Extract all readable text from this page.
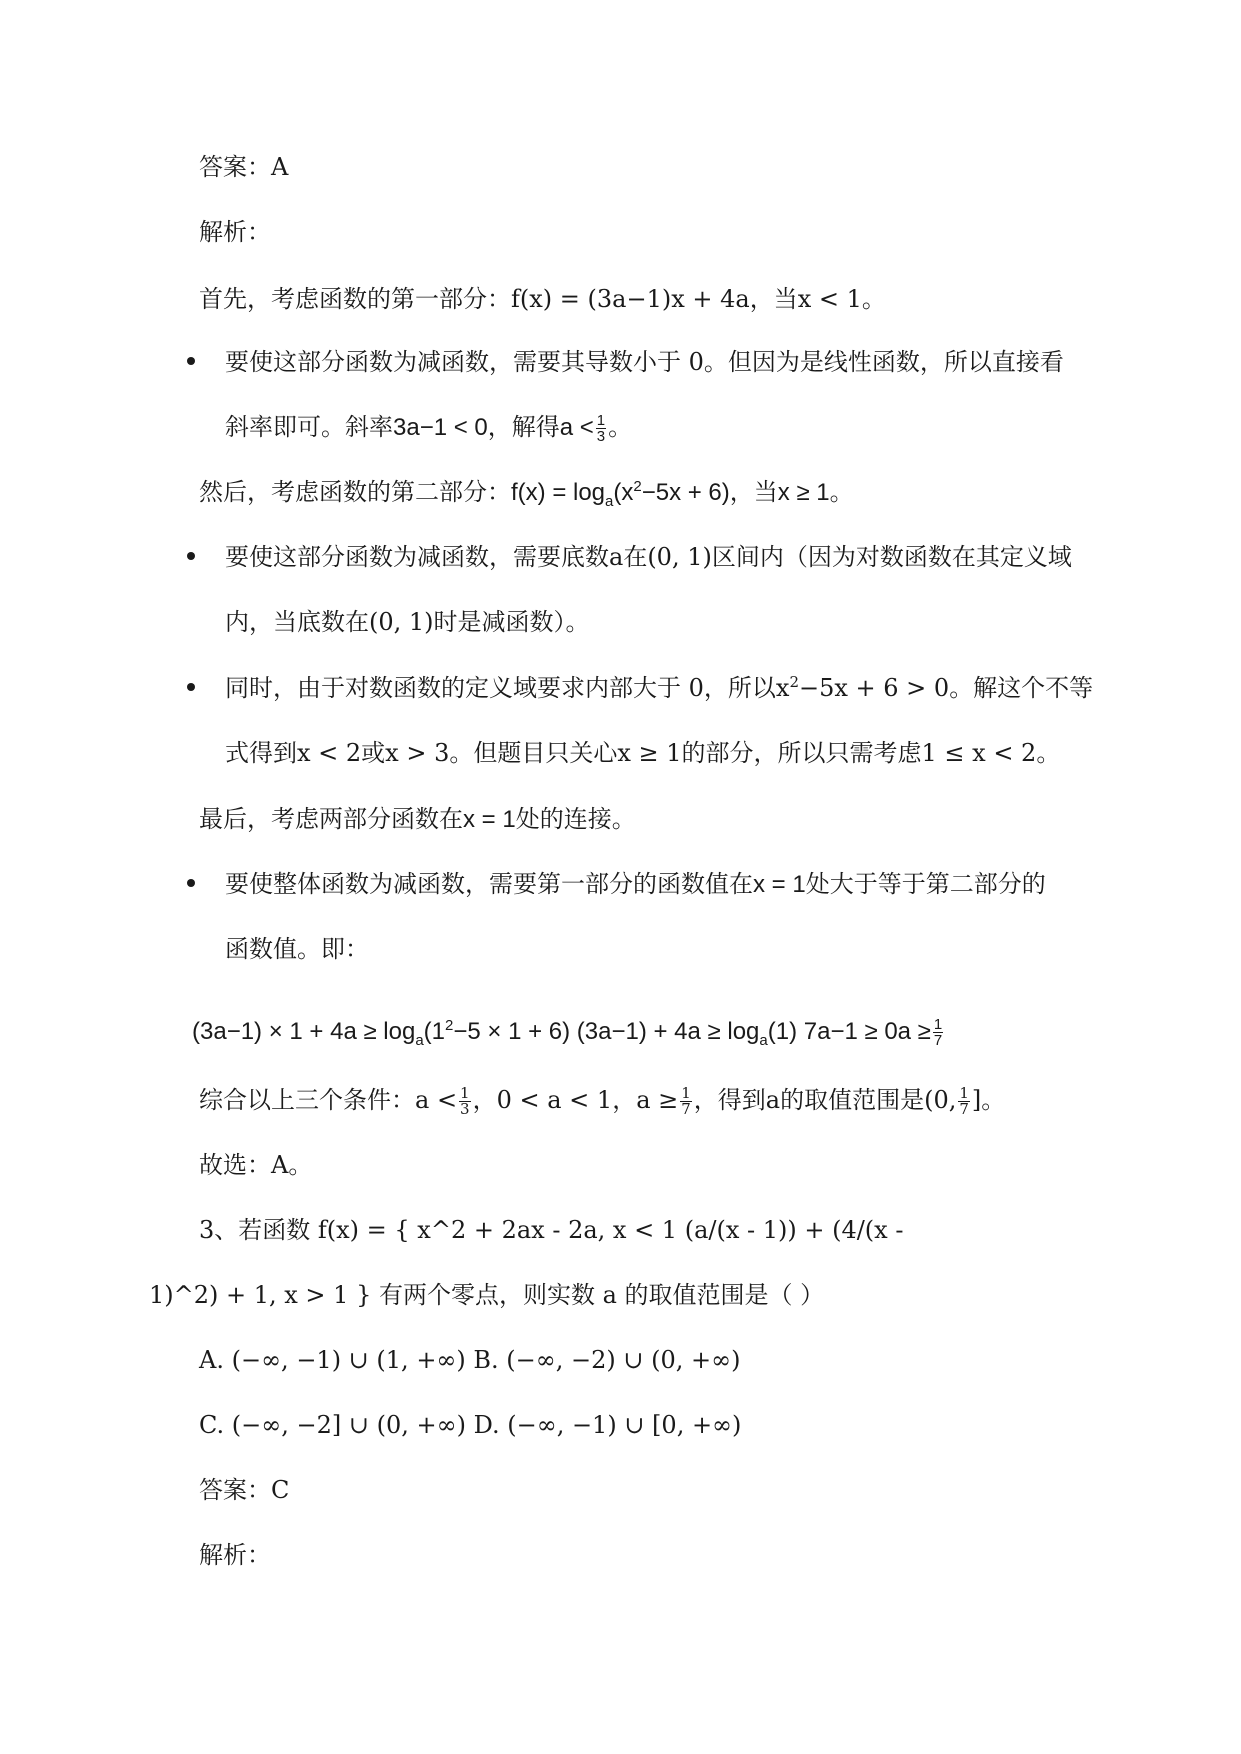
答案：A
解析：
首先，考虑函数的第一部分：f(x) = (3a−1)x + 4a，当x < 1。
要使这部分函数为减函数，需要其导数小于 0。但因为是线性函数，所以直接看
斜率即可。斜率3a−1 < 0，解得$a < \frac{1}{3}$ 。
然后，考虑函数的第二部分：$f(x) = \log_a(x^2-5x + 6)$，当x ≥ 1。
要使这部分函数为减函数，需要底数a在(0, 1)区间内（因为对数函数在其定义域
内，当底数在(0, 1)时是减函数）。
同时，由于对数函数的定义域要求内部大于 0，所以$x^2-5x + 6 > 0$。解这个不等
式得到x < 2或x > 3。但题目只关心x ≥ 1的部分，所以只需考虑1 ≤ x < 2。
最后，考虑两部分函数在x = 1处的连接。
要使整体函数为减函数，需要第一部分的函数值在x = 1处大于等于第二部分的
函数值。即：
$(3a-1) \times 1 + 4a \ge \log_a(1^2-5 \times 1 + 6) (3a-1) + 4a \ge \log_a(1) 7a-1 \ge 0a \ge \frac{1}{7}$
综合以上三个条件：$a < \frac{1}{3}$ ，0 < a < 1，$a \ge \frac{1}{7}$ ，得到a的取值范围是(0, $\frac{1}{7}$ ]。
故选：A。
3、若函数 f(x) = { x^2 + 2ax - 2a, x < 1 (a/(x - 1)) + (4/(x -
1)^2) + 1, x > 1 } 有两个零点，则实数 a 的取值范围是（ ）
A. (−∞, −1) ∪ (1, +∞) B. (−∞, −2) ∪ (0, +∞)
C. (−∞, −2] ∪ (0, +∞) D. (−∞, −1) ∪ [0, +∞)
答案：C
解析：
